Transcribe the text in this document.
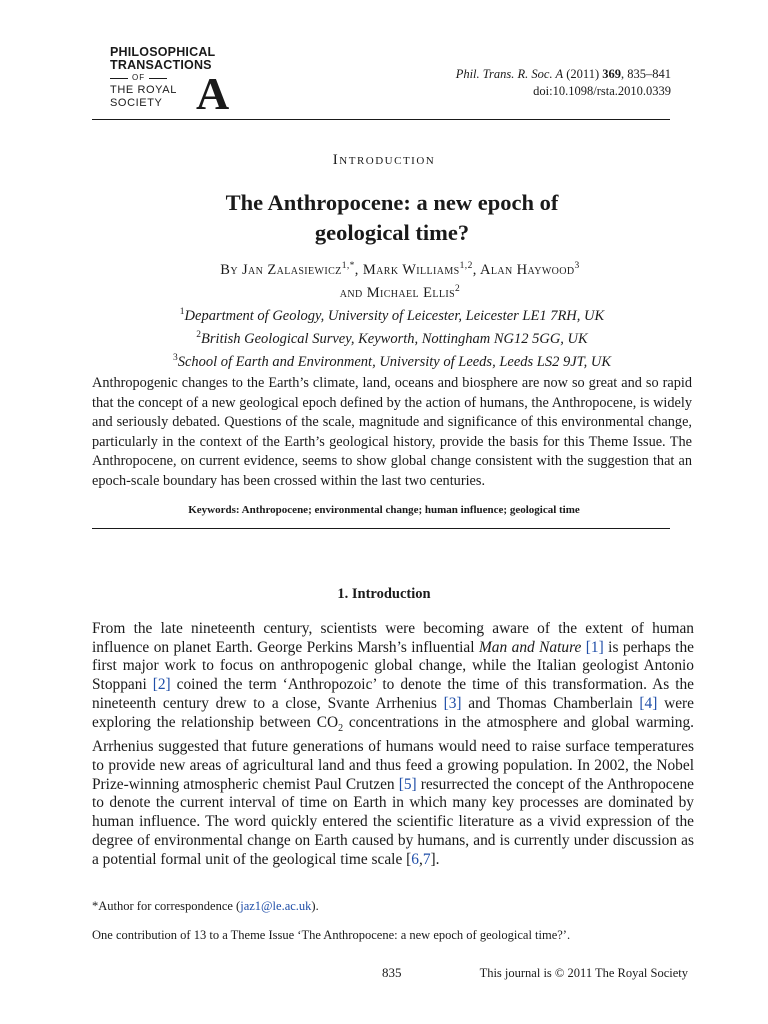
PHILOSOPHICAL
TRANSACTIONS
OF
THE ROYAL
SOCIETY A	Phil. Trans. R. Soc. A (2011) 369, 835–841
doi:10.1098/rsta.2010.0339
Introduction
The Anthropocene: a new epoch of
geological time?
By Jan Zalasiewicz$^{1,*}$, Mark Williams$^{1,2}$, Alan Haywood$^3$
and Michael Ellis$^2$
$^1$Department of Geology, University of Leicester, Leicester LE1 7RH, UK
$^2$British Geological Survey, Keyworth, Nottingham NG12 5GG, UK
$^3$School of Earth and Environment, University of Leeds, Leeds LS2 9JT, UK
Anthropogenic changes to the Earth’s climate, land, oceans and biosphere are now so great and so rapid that the concept of a new geological epoch defined by the action of humans, the Anthropocene, is widely and seriously debated. Questions of the scale, magnitude and significance of this environmental change, particularly in the context of the Earth’s geological history, provide the basis for this Theme Issue. The Anthropocene, on current evidence, seems to show global change consistent with the suggestion that an epoch-scale boundary has been crossed within the last two centuries.
Keywords: Anthropocene; environmental change; human influence; geological time
1. Introduction
From the late nineteenth century, scientists were becoming aware of the extent of human influence on planet Earth. George Perkins Marsh’s influential Man and Nature [1] is perhaps the first major work to focus on anthropogenic global change, while the Italian geologist Antonio Stoppani [2] coined the term ‘Anthropozoic’ to denote the time of this transformation. As the nineteenth century drew to a close, Svante Arrhenius [3] and Thomas Chamberlain [4] were exploring the relationship between $CO_2$ concentrations in the atmosphere and global warming. Arrhenius suggested that future generations of humans would need to raise surface temperatures to provide new areas of agricultural land and thus feed a growing population. In 2002, the Nobel Prize-winning atmospheric chemist Paul Crutzen [5] resurrected the concept of the Anthropocene to denote the current interval of time on Earth in which many key processes are dominated by human influence. The word quickly entered the scientific literature as a vivid expression of the degree of environmental change on Earth caused by humans, and is currently under discussion as a potential formal unit of the geological time scale [6,7].
*Author for correspondence (jaz1@le.ac.uk).
One contribution of 13 to a Theme Issue ‘The Anthropocene: a new epoch of geological time?’.
835	This journal is © 2011 The Royal Society
